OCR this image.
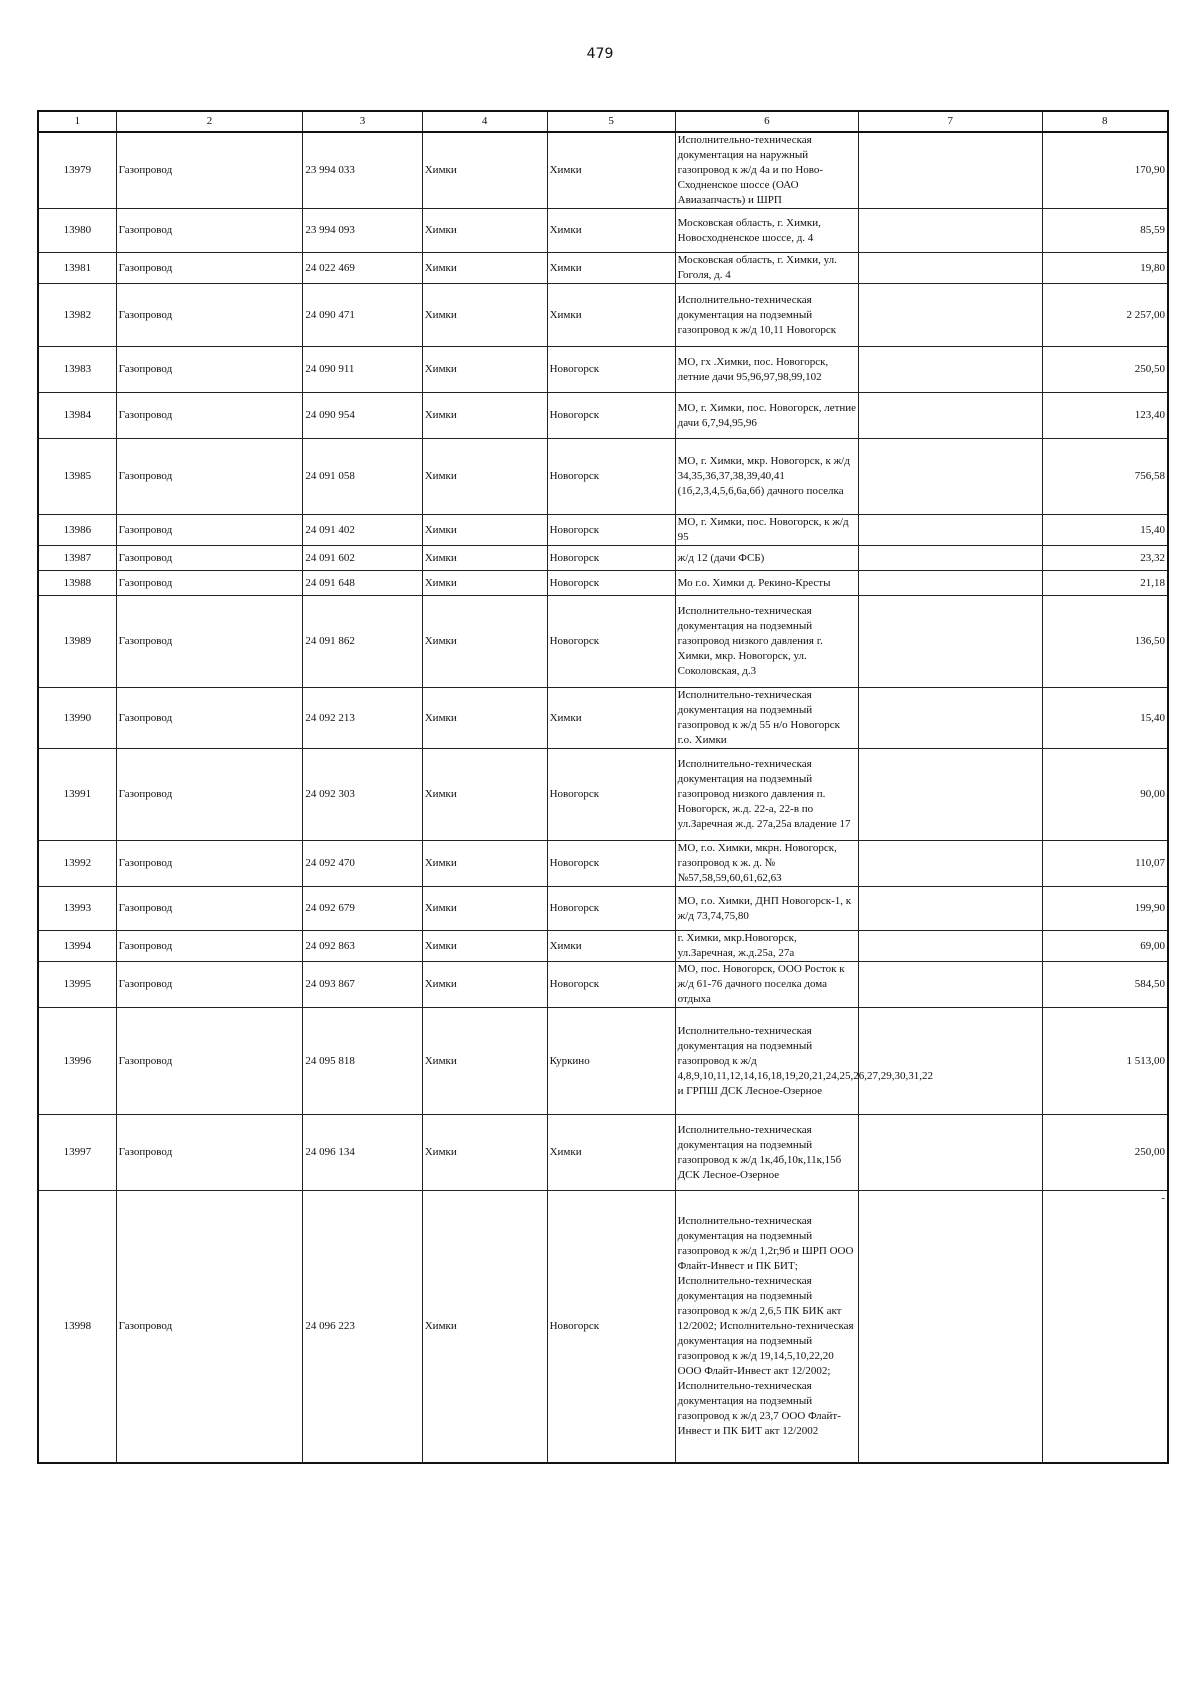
479
1	2	3	4	5	6	7	8
13979	Газопровод	23 994 033	Химки	Химки	Исполнительно-техническая документация на наружный газопровод к ж/д 4а и по Ново-Сходненское шоссе (ОАО Авиазапчасть) и ШРП		170,90
13980	Газопровод	23 994 093	Химки	Химки	Московская область, г. Химки, Новосходненское шоссе, д. 4		85,59
13981	Газопровод	24 022 469	Химки	Химки	Московская область, г. Химки, ул. Гоголя, д. 4		19,80
13982	Газопровод	24 090 471	Химки	Химки	Исполнительно-техническая документация на подземный газопровод к ж/д 10,11 Новогорск		2 257,00
13983	Газопровод	24 090 911	Химки	Новогорск	МО, гх .Химки, пос. Новогорск, летние дачи 95,96,97,98,99,102		250,50
13984	Газопровод	24 090 954	Химки	Новогорск	МО, г. Химки, пос. Новогорск, летние дачи 6,7,94,95,96		123,40
13985	Газопровод	24 091 058	Химки	Новогорск	МО, г. Химки, мкр. Новогорск, к ж/д 34,35,36,37,38,39,40,41 (1б,2,3,4,5,6,6а,6б) дачного поселка		756,58
13986	Газопровод	24 091 402	Химки	Новогорск	МО, г. Химки, пос. Новогорск, к ж/д 95		15,40
13987	Газопровод	24 091 602	Химки	Новогорск	ж/д 12 (дачи ФСБ)		23,32
13988	Газопровод	24 091 648	Химки	Новогорск	Мо г.о. Химки д. Рекино-Кресты		21,18
13989	Газопровод	24 091 862	Химки	Новогорск	Исполнительно-техническая документация на подземный газопровод низкого давления г. Химки, мкр. Новогорск, ул. Соколовская, д.3		136,50
13990	Газопровод	24 092 213	Химки	Химки	Исполнительно-техническая документация на подземный газопровод к ж/д 55 н/о Новогорск г.о. Химки		15,40
13991	Газопровод	24 092 303	Химки	Новогорск	Исполнительно-техническая документация на подземный газопровод низкого давления п. Новогорск, ж.д. 22-а, 22-в по ул.Заречная ж.д. 27а,25а владение 17		90,00
13992	Газопровод	24 092 470	Химки	Новогорск	МО, г.о. Химки, мкрн. Новогорск, газопровод к ж. д. №№57,58,59,60,61,62,63		110,07
13993	Газопровод	24 092 679	Химки	Новогорск	МО, г.о. Химки, ДНП Новогорск-1, к ж/д 73,74,75,80		199,90
13994	Газопровод	24 092 863	Химки	Химки	г. Химки, мкр.Новогорск, ул.Заречная, ж.д.25а, 27а		69,00
13995	Газопровод	24 093 867	Химки	Новогорск	МО, пос. Новогорск, ООО Росток к ж/д 61-76 дачного поселка дома отдыха		584,50
13996	Газопровод	24 095 818	Химки	Куркино	Исполнительно-техническая документация на подземный газопровод к ж/д 4,8,9,10,11,12,14,16,18,19,20,21,24,25,26,27,29,30,31,22 и ГРПШ ДСК Лесное-Озерное		1 513,00
13997	Газопровод	24 096 134	Химки	Химки	Исполнительно-техническая документация на подземный газопровод к ж/д 1к,4б,10к,11к,15б ДСК Лесное-Озерное		250,00
13998	Газопровод	24 096 223	Химки	Новогорск	Исполнительно-техническая документация на подземный газопровод к ж/д 1,2г,9б и ШРП ООО Флайт-Инвест и ПК БИТ; Исполнительно-техническая документация на подземный газопровод к ж/д 2,6,5 ПК БИК акт 12/2002; Исполнительно-техническая документация на подземный газопровод к ж/д 19,14,5,10,22,20 ООО Флайт-Инвест акт 12/2002; Исполнительно-техническая документация на подземный газопровод к ж/д 23,7 ООО Флайт-Инвест и ПК БИТ акт 12/2002		-
